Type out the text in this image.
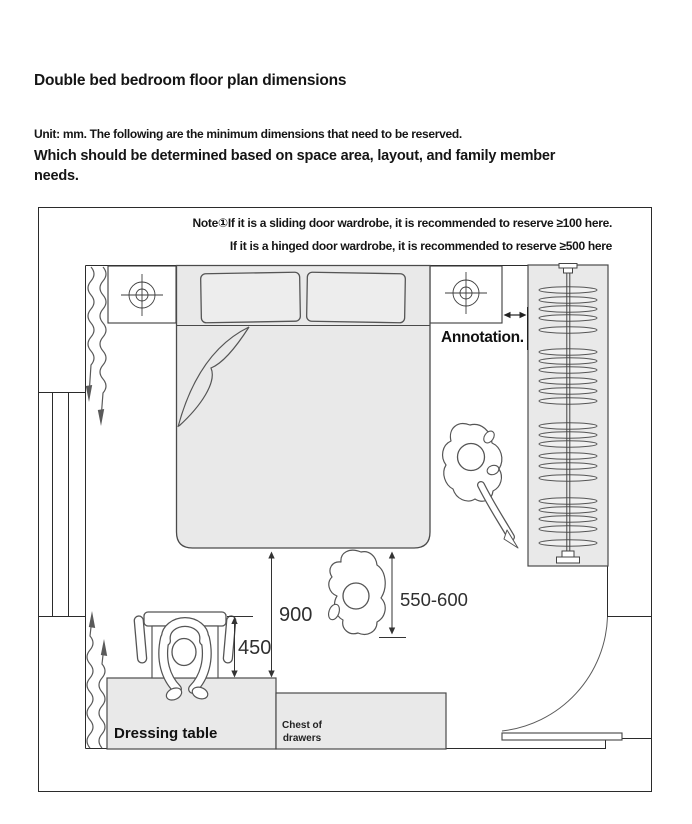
Double bed bedroom floor plan dimensions
Unit: mm. The following are the minimum dimensions that need to be reserved.
Which should be determined based on space area, layout, and family member needs.
Note①If it is a sliding door wardrobe, it is recommended to reserve ≥100 here.
If it is a hinged door wardrobe, it is recommended to reserve ≥500 here
Annotation.
900
450
550-600
Dressing table	Chest of
drawers
